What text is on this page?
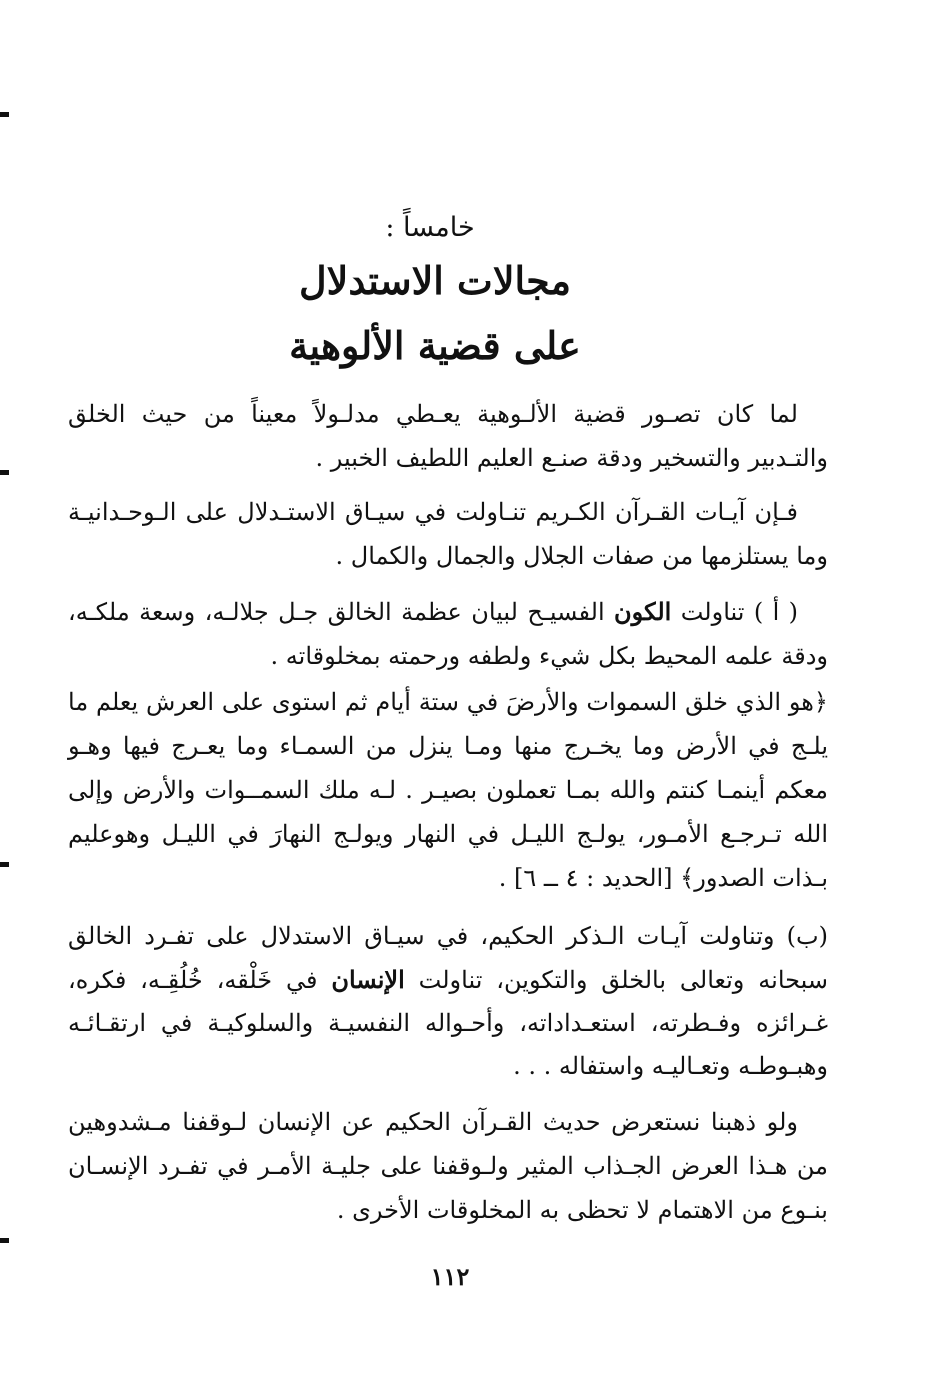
خامساً :
مجالات الاستدلال
على قضية الألوهية
لما كان تصـور قضية الألـوهية يعـطي مدلـولاً معيناً من حيث الخلق والتـدبير والتسخير ودقة صنـع العليم اللطيف الخبير .
فـإن آيـات القـرآن الكـريم تنـاولت في سيـاق الاستـدلال على الـوحـدانيـة وما يستلزمها من صفات الجلال والجمال والكمال .
( أ ) تناولت الكون الفسيـح لبيان عظمة الخالق جـل جلالـه، وسعة ملكـه، ودقة علمه المحيط بكل شيء ولطفه ورحمته بمخلوقاته .
﴿هو الذي خلق السموات والأرضَ في ستة أيام ثم استوى على العرش يعلم ما يلـج في الأرض وما يخـرج منها ومـا ينزل من السمـاء وما يعـرج فيها وهـو معكم أينمـا كنتم والله بمـا تعملون بصيـر . لـه ملك السمــوات والأرض وإلى الله تـرجـع الأمـور، يولـج الليـل في النهار ويولـج النهارَ في الليـل وهوعليم بـذات الصدور﴾ [الحديد : ٤ ــ ٦] .
(ب) وتناولت آيـات الـذكر الحكيم، في سيـاق الاستدلال على تفـرد الخالق سبحانه وتعالى بالخلق والتكوين، تناولت الإنسان في خَلْقه، خُلُقِـه، فكره، غـرائزه وفـطرته، استعـداداته، وأحـواله النفسيـة والسلوكيـة في ارتقـائـه وهبـوطـه وتعـاليـه واستفاله . . .
ولو ذهبنا نستعرض حديث القـرآن الحكيم عن الإنسان لـوقفنا مـشدوهين من هـذا العرض الجـذاب المثير ولـوقفنا على جليـة الأمـر في تفـرد الإنسـان بنـوع من الاهتمام لا تحظى به المخلوقات الأخرى .
١١٢
